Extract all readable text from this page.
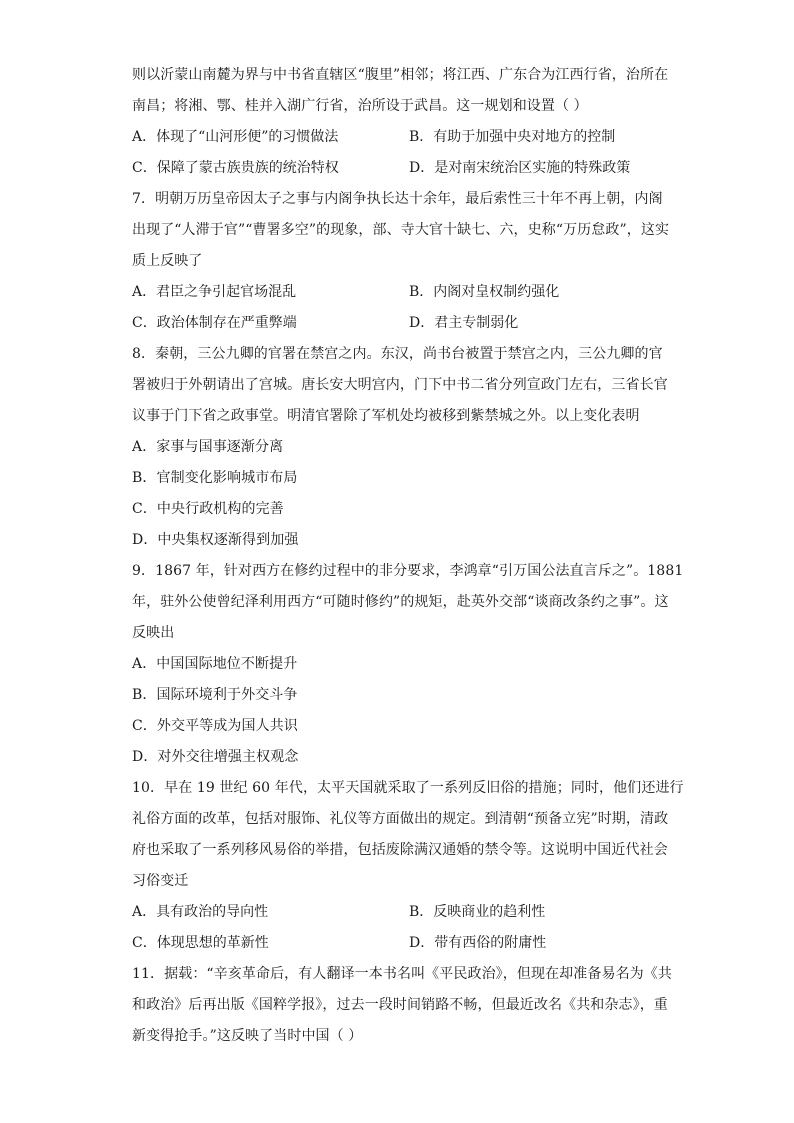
则以沂蒙山南麓为界与中书省直辖区“腹里”相邻；将江西、广东合为江西行省，治所在
南昌；将湘、鄂、桂并入湖广行省，治所设于武昌。这一规划和设置（ ）
A．体现了“山河形便”的习惯做法	B．有助于加强中央对地方的控制
C．保障了蒙古族贵族的统治特权	D．是对南宋统治区实施的特殊政策
7．明朝万历皇帝因太子之事与内阁争执长达十余年，最后索性三十年不再上朝，内阁
出现了“人滞于官”“曹署多空”的现象，部、寺大官十缺七、六，史称“万历怠政”，这实
质上反映了
A．君臣之争引起官场混乱	B．内阁对皇权制约强化
C．政治体制存在严重弊端	D．君主专制弱化
8．秦朝，三公九卿的官署在禁宫之内。东汉，尚书台被置于禁宫之内，三公九卿的官
署被归于外朝请出了宫城。唐长安大明宫内，门下中书二省分列宣政门左右，三省长官
议事于门下省之政事堂。明清官署除了军机处均被移到紫禁城之外。以上变化表明
A．家事与国事逐渐分离
B．官制变化影响城市布局
C．中央行政机构的完善
D．中央集权逐渐得到加强
9．1867 年，针对西方在修约过程中的非分要求，李鸿章“引万国公法直言斥之”。1881
年，驻外公使曾纪泽利用西方“可随时修约”的规矩，赴英外交部“谈商改条约之事”。这
反映出
A．中国国际地位不断提升
B．国际环境利于外交斗争
C．外交平等成为国人共识
D．对外交往增强主权观念
10．早在 19 世纪 60 年代，太平天国就采取了一系列反旧俗的措施；同时，他们还进行
礼俗方面的改革，包括对服饰、礼仪等方面做出的规定。到清朝“预备立宪”时期，清政
府也采取了一系列移风易俗的举措，包括废除满汉通婚的禁令等。这说明中国近代社会
习俗变迁
A．具有政治的导向性	B．反映商业的趋利性
C．体现思想的革新性	D．带有西俗的附庸性
11．据载：“辛亥革命后，有人翻译一本书名叫《平民政治》，但现在却准备易名为《共
和政治》后再出版《国粹学报》，过去一段时间销路不畅，但最近改名《共和杂志》，重
新变得抢手。”这反映了当时中国（ ）
